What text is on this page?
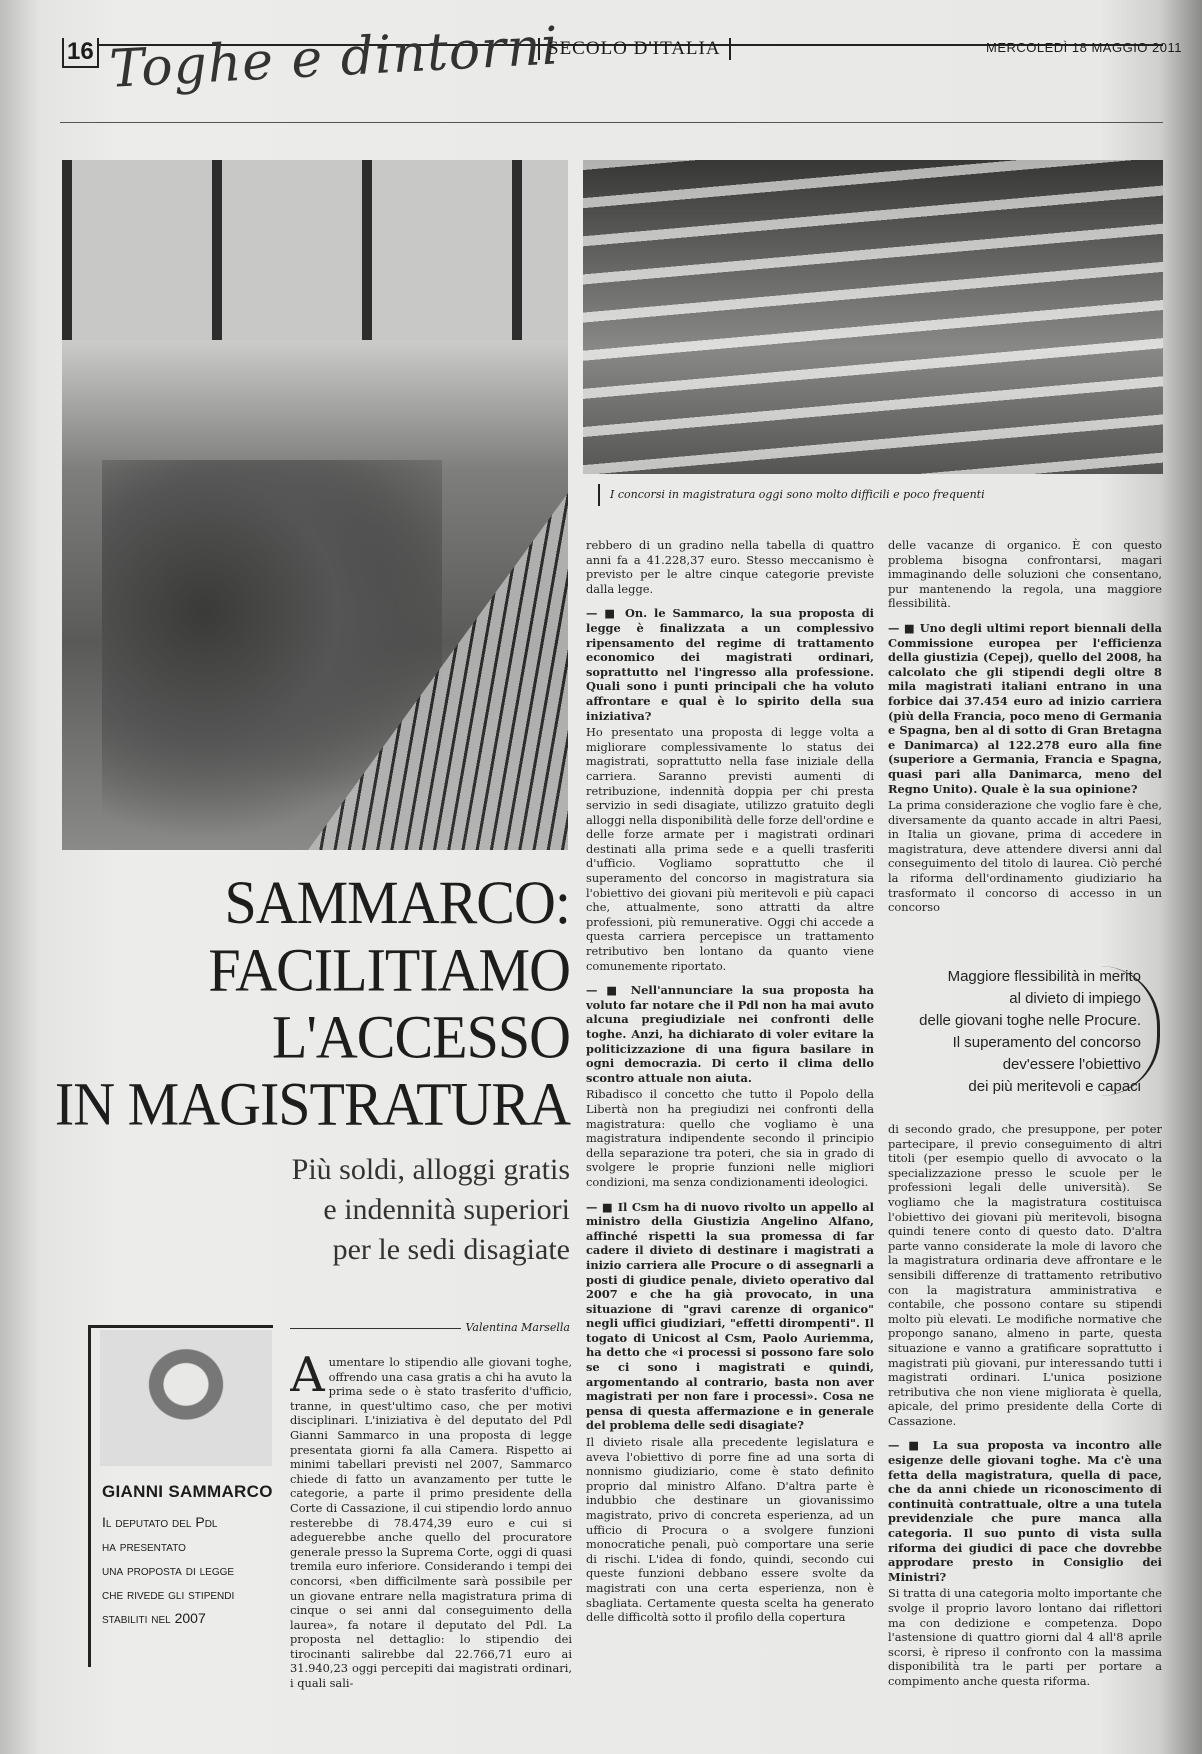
16 Toghe e dintorni
SECOLO D'ITALIA	MERCOLEDÌ 18 MAGGIO 2011
I concorsi in magistratura oggi sono molto difficili e poco frequenti
SAMMARCO:
FACILITIAMO
L'ACCESSO
IN MAGISTRATURA
Più soldi, alloggi gratis
e indennità superiori
per le sedi disagiate
GIANNI SAMMARCO
Il deputato del Pdl
ha presentato
una proposta di legge
che rivede gli stipendi
stabiliti nel 2007
Valentina Marsella

Aumentare lo stipendio alle giovani toghe, offrendo una casa gratis a chi ha avuto la prima sede o è stato trasferito d'ufficio, tranne, in quest'ultimo caso, che per motivi disciplinari. L'iniziativa è del deputato del Pdl Gianni Sammarco in una proposta di legge presentata giorni fa alla Camera. Rispetto ai minimi tabellari previsti nel 2007, Sammarco chiede di fatto un avanzamento per tutte le categorie, a parte il primo presidente della Corte di Cassazione, il cui stipendio lordo annuo resterebbe di 78.474,39 euro e cui si adeguerebbe anche quello del procuratore generale presso la Suprema Corte, oggi di quasi tremila euro inferiore. Considerando i tempi dei concorsi, «ben difficilmente sarà possibile per un giovane entrare nella magistratura prima di cinque o sei anni dal conseguimento della laurea», fa notare il deputato del Pdl. La proposta nel dettaglio: lo stipendio dei tirocinanti salirebbe dal 22.766,71 euro ai 31.940,23 oggi percepiti dai magistrati ordinari, i quali sali-

rebbero di un gradino nella tabella di quattro anni fa a 41.228,37 euro. Stesso meccanismo è previsto per le altre cinque categorie previste dalla legge.

— ■ On. le Sammarco, la sua proposta di legge è finalizzata a un complessivo ripensamento del regime di trattamento economico dei magistrati ordinari, soprattutto nel l'ingresso alla professione. Quali sono i punti principali che ha voluto affrontare e qual è lo spirito della sua iniziativa?

Ho presentato una proposta di legge volta a migliorare complessivamente lo status dei magistrati, soprattutto nella fase iniziale della carriera. Saranno previsti aumenti di retribuzione, indennità doppia per chi presta servizio in sedi disagiate, utilizzo gratuito degli alloggi nella disponibilità delle forze dell'ordine e delle forze armate per i magistrati ordinari destinati alla prima sede e a quelli trasferiti d'ufficio. Vogliamo soprattutto che il superamento del concorso in magistratura sia l'obiettivo dei giovani più meritevoli e più capaci che, attualmente, sono attratti da altre professioni, più remunerative. Oggi chi accede a questa carriera percepisce un trattamento retributivo ben lontano da quanto viene comunemente riportato.

— ■ Nell'annunciare la sua proposta ha voluto far notare che il Pdl non ha mai avuto alcuna pregiudiziale nei confronti delle toghe. Anzi, ha dichiarato di voler evitare la politicizzazione di una figura basilare in ogni democrazia. Di certo il clima dello scontro attuale non aiuta.

Ribadisco il concetto che tutto il Popolo della Libertà non ha pregiudizi nei confronti della magistratura: quello che vogliamo è una magistratura indipendente secondo il principio della separazione tra poteri, che sia in grado di svolgere le proprie funzioni nelle migliori condizioni, ma senza condizionamenti ideologici.

— ■ Il Csm ha di nuovo rivolto un appello al ministro della Giustizia Angelino Alfano, affinché rispetti la sua promessa di far cadere il divieto di destinare i magistrati a inizio carriera alle Procure o di assegnarli a posti di giudice penale, divieto operativo dal 2007 e che ha già provocato, in una situazione di "gravi carenze di organico" negli uffici giudiziari, "effetti dirompenti". Il togato di Unicost al Csm, Paolo Auriemma, ha detto che «i processi si possono fare solo se ci sono i magistrati e quindi, argomentando al contrario, basta non aver magistrati per non fare i processi». Cosa ne pensa di questa affermazione e in generale del problema delle sedi disagiate?

Il divieto risale alla precedente legislatura e aveva l'obiettivo di porre fine ad una sorta di nonnismo giudiziario, come è stato definito proprio dal ministro Alfano. D'altra parte è indubbio che destinare un giovanissimo magistrato, privo di concreta esperienza, ad un ufficio di Procura o a svolgere funzioni monocratiche penali, può comportare una serie di rischi. L'idea di fondo, quindi, secondo cui queste funzioni debbano essere svolte da magistrati con una certa esperienza, non è sbagliata. Certamente questa scelta ha generato delle difficoltà sotto il profilo della copertura

delle vacanze di organico. È con questo problema bisogna confrontarsi, magari immaginando delle soluzioni che consentano, pur mantenendo la regola, una maggiore flessibilità.

— ■ Uno degli ultimi report biennali della Commissione europea per l'efficienza della giustizia (Cepej), quello del 2008, ha calcolato che gli stipendi degli oltre 8 mila magistrati italiani entrano in una forbice dai 37.454 euro ad inizio carriera (più della Francia, poco meno di Germania e Spagna, ben al di sotto di Gran Bretagna e Danimarca) al 122.278 euro alla fine (superiore a Germania, Francia e Spagna, quasi pari alla Danimarca, meno del Regno Unito). Quale è la sua opinione?

La prima considerazione che voglio fare è che, diversamente da quanto accade in altri Paesi, in Italia un giovane, prima di accedere in magistratura, deve attendere diversi anni dal conseguimento del titolo di laurea. Ciò perché la riforma dell'ordinamento giudiziario ha trasformato il concorso di accesso in un concorso

Maggiore flessibilità in merito
al divieto di impiego
delle giovani toghe nelle Procure.
Il superamento del concorso
dev'essere l'obiettivo
dei più meritevoli e capaci

di secondo grado, che presuppone, per poter partecipare, il previo conseguimento di altri titoli (per esempio quello di avvocato o la specializzazione presso le scuole per le professioni legali delle università). Se vogliamo che la magistratura costituisca l'obiettivo dei giovani più meritevoli, bisogna quindi tenere conto di questo dato. D'altra parte vanno considerate la mole di lavoro che la magistratura ordinaria deve affrontare e le sensibili differenze di trattamento retributivo con la magistratura amministrativa e contabile, che possono contare su stipendi molto più elevati. Le modifiche normative che propongo sanano, almeno in parte, questa situazione e vanno a gratificare soprattutto i magistrati più giovani, pur interessando tutti i magistrati ordinari. L'unica posizione retributiva che non viene migliorata è quella, apicale, del primo presidente della Corte di Cassazione.

— ■ La sua proposta va incontro alle esigenze delle giovani toghe. Ma c'è una fetta della magistratura, quella di pace, che da anni chiede un riconoscimento di continuità contrattuale, oltre a una tutela previdenziale che pure manca alla categoria. Il suo punto di vista sulla riforma dei giudici di pace che dovrebbe approdare presto in Consiglio dei Ministri?

Si tratta di una categoria molto importante che svolge il proprio lavoro lontano dai riflettori ma con dedizione e competenza. Dopo l'astensione di quattro giorni dal 4 all'8 aprile scorsi, è ripreso il confronto con la massima disponibilità tra le parti per portare a compimento anche questa riforma.
